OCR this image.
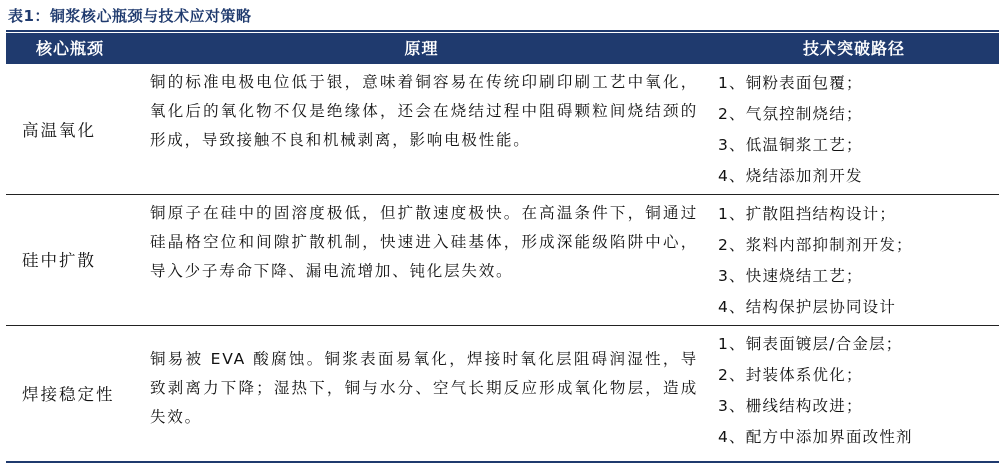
表1：铜浆核心瓶颈与技术应对策略
核心瓶颈	原理	技术突破路径
高温氧化
铜的标准电极电位低于银，意味着铜容易在传统印刷印刷工艺中氧化，氧化后的氧化物不仅是绝缘体，还会在烧结过程中阻碍颗粒间烧结颈的形成，导致接触不良和机械剥离，影响电极性能。
1、铜粉表面包覆；
2、气氛控制烧结；
3、低温铜浆工艺；
4、烧结添加剂开发
硅中扩散
铜原子在硅中的固溶度极低，但扩散速度极快。在高温条件下，铜通过硅晶格空位和间隙扩散机制，快速进入硅基体，形成深能级陷阱中心，导入少子寿命下降、漏电流增加、钝化层失效。
1、扩散阻挡结构设计；
2、浆料内部抑制剂开发；
3、快速烧结工艺；
4、结构保护层协同设计
焊接稳定性
铜易被 EVA 酸腐蚀。铜浆表面易氧化，焊接时氧化层阻碍润湿性，导致剥离力下降；湿热下，铜与水分、空气长期反应形成氧化物层，造成失效。
1、铜表面镀层/合金层；
2、封装体系优化；
3、栅线结构改进；
4、配方中添加界面改性剂
